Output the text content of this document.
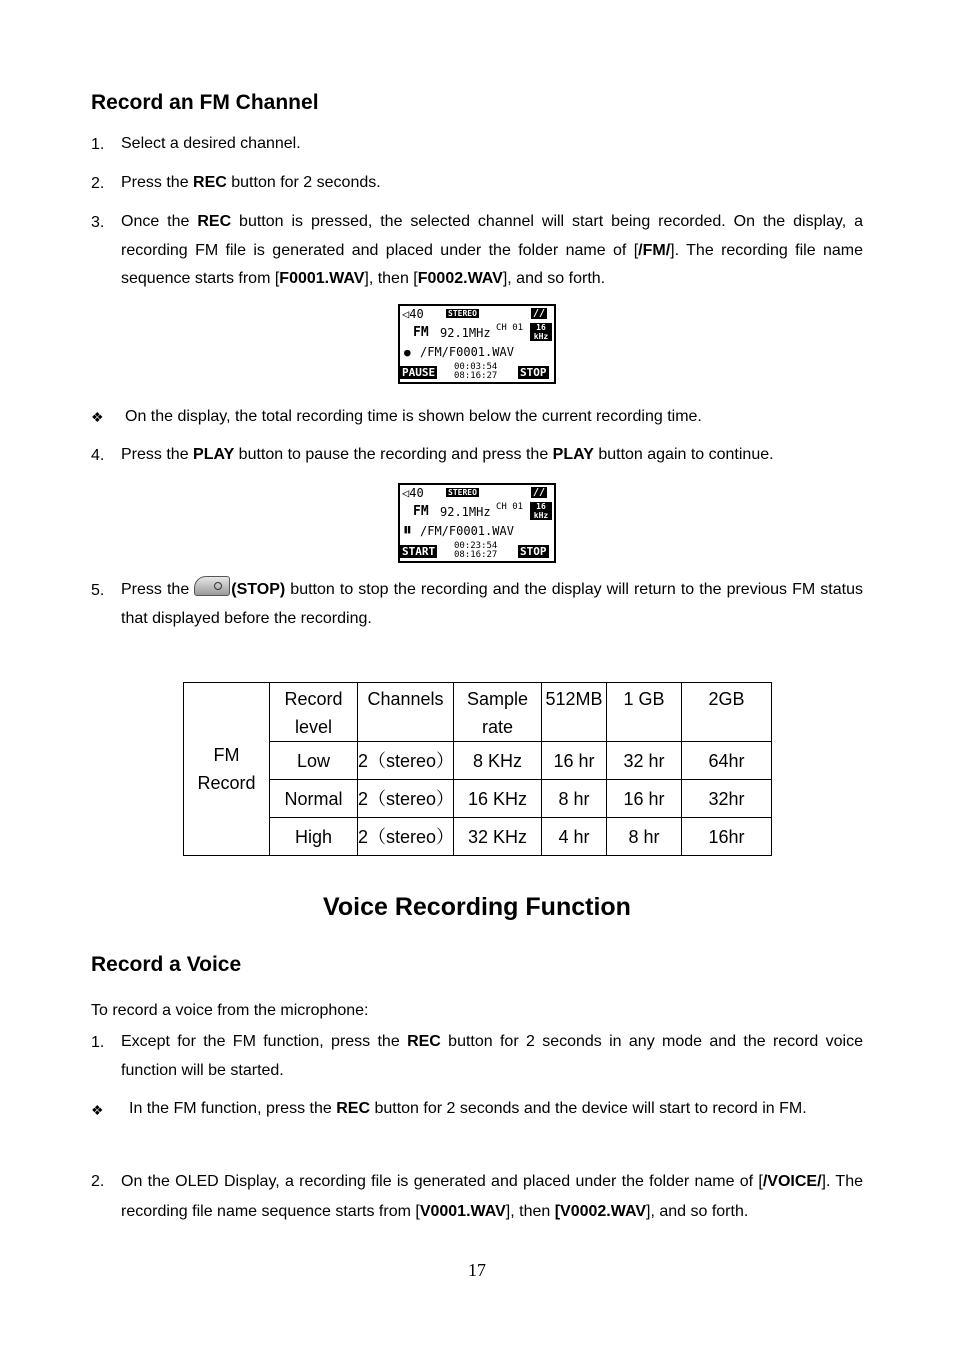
Record an FM Channel
1. Select a desired channel.
2. Press the REC button for 2 seconds.
3. Once the REC button is pressed, the selected channel will start being recorded. On the display, a recording FM file is generated and placed under the folder name of [/FM/]. The recording file name sequence starts from [F0001.WAV], then [F0002.WAV], and so forth.
◁40	STEREO	//
FM 92.1MHz CH 01	16 kHz
● /FM/F0001.WAV
PAUSE 00:03:54
08:16:27 STOP
❖ On the display, the total recording time is shown below the current recording time.
4. Press the PLAY button to pause the recording and press the PLAY button again to continue.
◁40	STEREO	//
FM 92.1MHz CH 01	16 kHz
❚❚ /FM/F0001.WAV
START 00:23:54
08:16:27 STOP
5. Press the
(STOP) button to stop the recording and the display will return to the previous FM status that displayed before the recording.
FM
Record	Record level	Channels	Sample rate	512MB	1 GB	2GB
	Low	2（stereo）	8 KHz	16 hr	32 hr	64hr
	Normal	2（stereo）	16 KHz	8 hr	16 hr	32hr
	High	2（stereo）	32 KHz	4 hr	8 hr	16hr
Voice Recording Function
Record a Voice
To record a voice from the microphone:
1. Except for the FM function, press the REC button for 2 seconds in any mode and the record voice function will be started.
❖ In the FM function, press the REC button for 2 seconds and the device will start to record in FM.
2. On the OLED Display, a recording file is generated and placed under the folder name of [/VOICE/]. The recording file name sequence starts from [V0001.WAV], then [V0002.WAV], and so forth.
17
